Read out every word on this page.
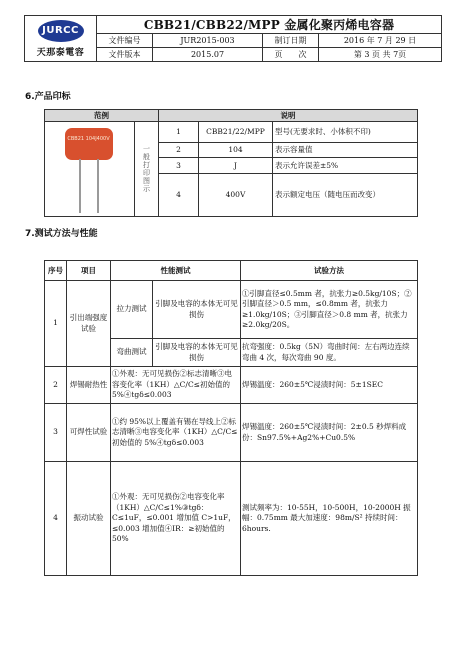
JURCC
天那泰電容	CBB21/CBB22/MPP 金属化聚丙烯电容器			
	文件编号	JUR2015-003	制订日期	2016 年 7 月 29 日
	文件版本	2015.07	页　　次	第 3 页 共 7页
6.产品印标
范例		说明		

CBB21 104J400V	一般打印图示	1	CBB21/22/MPP	型号(无要求时、小体积不印)
		2	104	表示容量值
		3	J	表示允许误差±5%
		4	400V	表示额定电压（随电压而改变）
7.测试方法与性能
序号	项目	性能测试		试验方法
1	引出端强度试验	拉力测试	引脚及电容的本体无可见损伤	①引脚直径≤0.5mm 者，抗张力≥0.5kg/10S；②引脚直径＞0.5 mm，≤0.8mm 者，抗张力≥1.0kg/10S；③引脚直径＞0.8 mm 者，抗张力≥2.0kg/20S。
		弯曲测试	引脚及电容的本体无可见损伤	抗弯强度：0.5kg（5N）弯曲时间：左右两边连续弯曲 4 次，每次弯曲 90 度。
2	焊锡耐热性	①外观：无可见损伤②标志清晰③电容变化率（1KH）△C/C≤初始值的 5%④tgδ≤0.003		焊锡温度：260±5℃浸渍时间：5±1SEC
3	可焊性试验	①约 95%以上覆盖有锡在导线上②标志清晰③电容变化率（1KH）△C/C≤初始值的 5%④tgδ≤0.003		焊锡温度：260±5℃浸渍时间：2±0.5 秒焊料成份：Sn97.5%+Ag2%+Cu0.5%
4	振动试验	①外观：无可见损伤②电容变化率（1KH）△C/C≤1%③tgδ：C≤1uF，≤0.001 增加值 C>1uF，≤0.003 增加值④IR：≥初始值的 50%		测试频率为：10-55H，10-500H，10-2000H 振幅：0.75mm 最大加速度：98m/S² 持续时间：6hours.
